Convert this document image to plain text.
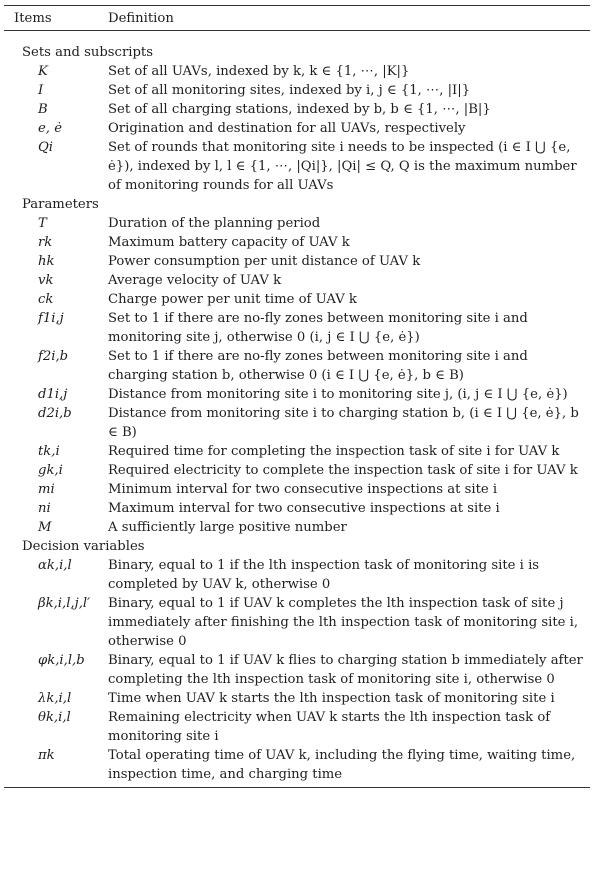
Items	Definition
Sets and subscripts
K	Set of all UAVs, indexed by k, k ∈ {1, ⋯, |K|}
I	Set of all monitoring sites, indexed by i, j ∈ {1, ⋯, |I|}
B	Set of all charging stations, indexed by b, b ∈ {1, ⋯, |B|}
e, ė	Origination and destination for all UAVs, respectively
Qi	Set of rounds that monitoring site i needs to be inspected (i ∈ I ⋃ {e, ė}), indexed by l, l ∈ {1, ⋯, |Qi|}, |Qi| ≤ Q, Q is the maximum number of monitoring rounds for all UAVs
Parameters
T	Duration of the planning period
rk	Maximum battery capacity of UAV k
hk	Power consumption per unit distance of UAV k
vk	Average velocity of UAV k
ck	Charge power per unit time of UAV k
f1i,j	Set to 1 if there are no-fly zones between monitoring site i and monitoring site j, otherwise 0 (i, j ∈ I ⋃ {e, ė})
f2i,b	Set to 1 if there are no-fly zones between monitoring site i and charging station b, otherwise 0 (i ∈ I ⋃ {e, ė}, b ∈ B)
d1i,j	Distance from monitoring site i to monitoring site j, (i, j ∈ I ⋃ {e, ė})
d2i,b	Distance from monitoring site i to charging station b, (i ∈ I ⋃ {e, ė}, b ∈ B)
tk,i	Required time for completing the inspection task of site i for UAV k
gk,i	Required electricity to complete the inspection task of site i for UAV k
mi	Minimum interval for two consecutive inspections at site i
ni	Maximum interval for two consecutive inspections at site i
M	A sufficiently large positive number
Decision variables
αk,i,l	Binary, equal to 1 if the lth inspection task of monitoring site i is completed by UAV k, otherwise 0
βk,i,l,j,l′	Binary, equal to 1 if UAV k completes the lth inspection task of site j immediately after finishing the lth inspection task of monitoring site i, otherwise 0
φk,i,l,b	Binary, equal to 1 if UAV k flies to charging station b immediately after completing the lth inspection task of monitoring site i, otherwise 0
λk,i,l	Time when UAV k starts the lth inspection task of monitoring site i
θk,i,l	Remaining electricity when UAV k starts the lth inspection task of monitoring site i
πk	Total operating time of UAV k, including the flying time, waiting time, inspection time, and charging time
